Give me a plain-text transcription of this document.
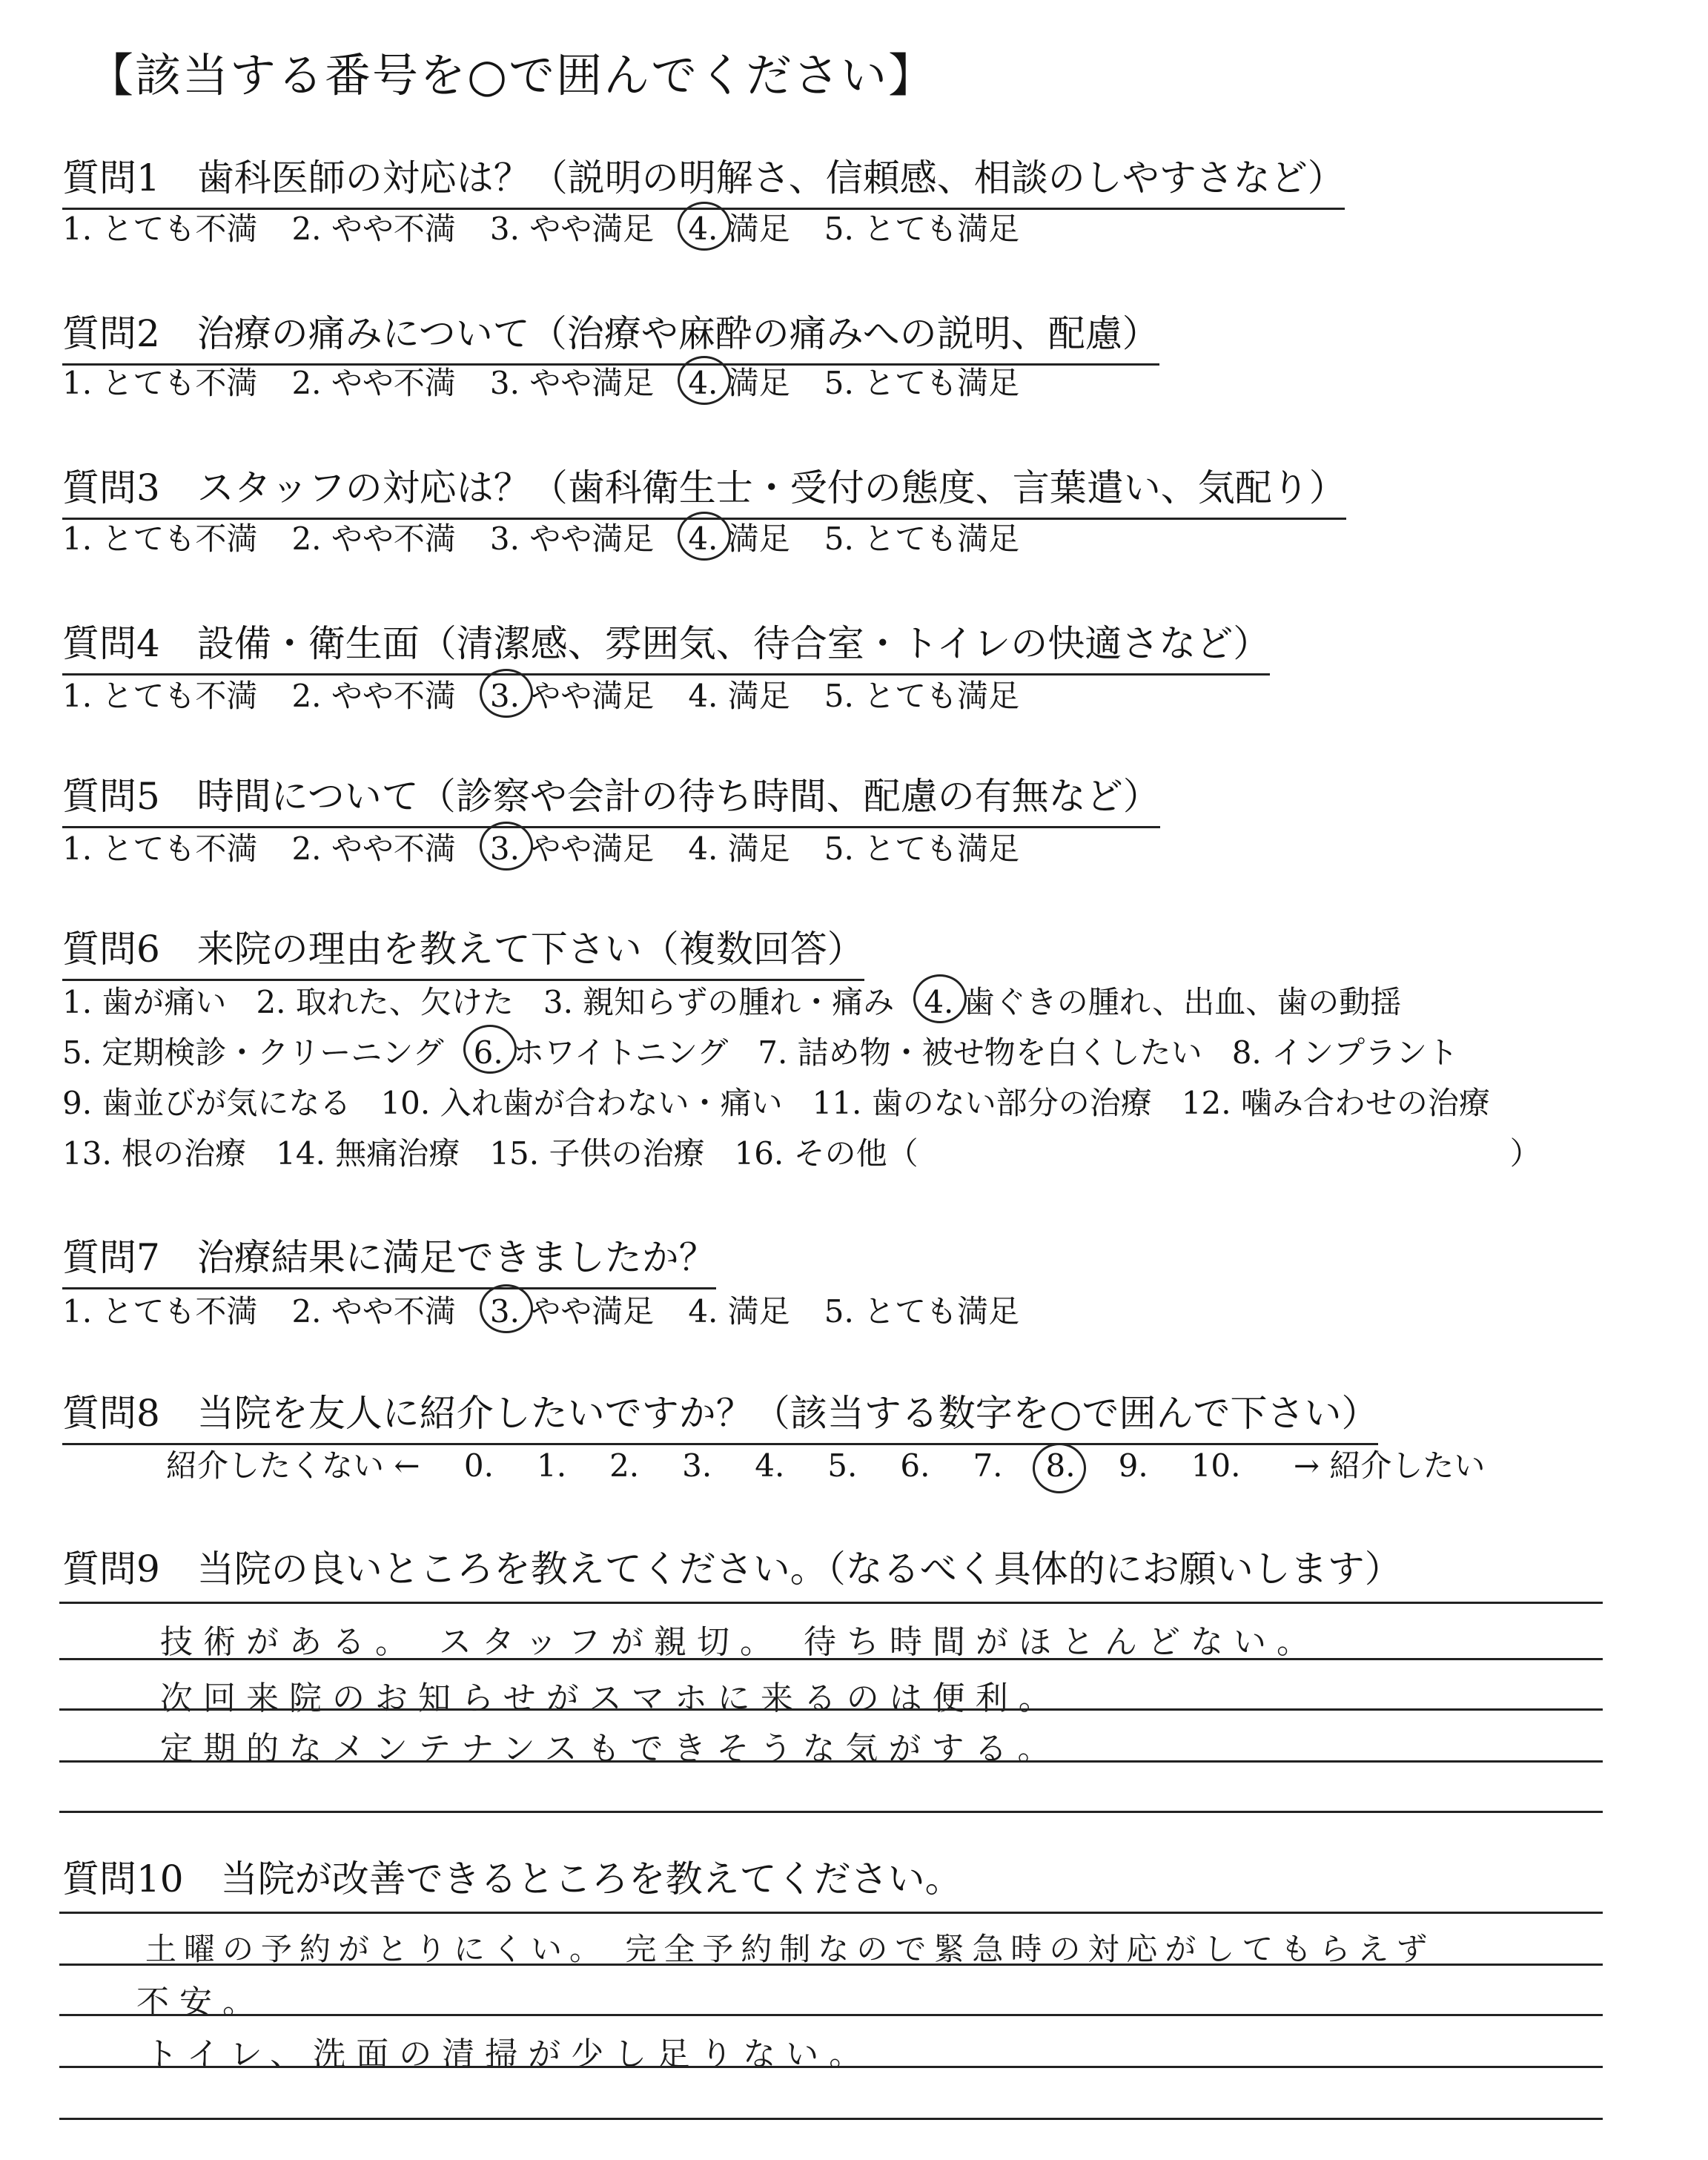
【該当する番号を○で囲んでください】
質問1　歯科医師の対応は？（説明の明解さ、信頼感、相談のしやすさなど）
1. とても不満 2. やや不満 3. やや満足 4. 満足 5. とても満足
質問2　治療の痛みについて（治療や麻酔の痛みへの説明、配慮）
1. とても不満 2. やや不満 3. やや満足 4. 満足 5. とても満足
質問3　スタッフの対応は？（歯科衛生士・受付の態度、言葉遣い、気配り）
1. とても不満 2. やや不満 3. やや満足 4. 満足 5. とても満足
質問4　設備・衛生面（清潔感、雰囲気、待合室・トイレの快適さなど）
1. とても不満 2. やや不満 3. やや満足 4. 満足 5. とても満足
質問5　時間について（診察や会計の待ち時間、配慮の有無など）
1. とても不満 2. やや不満 3. やや満足 4. 満足 5. とても満足
質問6　来院の理由を教えて下さい（複数回答）
1. 歯が痛い 2. 取れた、欠けた 3. 親知らずの腫れ・痛み 4. 歯ぐきの腫れ、出血、歯の動揺
5. 定期検診・クリーニング 6. ホワイトニング 7. 詰め物・被せ物を白くしたい 8. インプラント
9. 歯並びが気になる 10. 入れ歯が合わない・痛い 11. 歯のない部分の治療 12. 噛み合わせの治療
13. 根の治療 14. 無痛治療 15. 子供の治療 16. その他（　　　　　　　　　　　　　　　　　　　）
質問7　治療結果に満足できましたか？
1. とても不満 2. やや不満 3. やや満足 4. 満足 5. とても満足
質問8　当院を友人に紹介したいですか？（該当する数字を○で囲んで下さい）
紹介したくない ← 0. 1. 2. 3. 4. 5. 6. 7. 8. 9. 10. → 紹介したい
質問9　当院の良いところを教えてください。（なるべく具体的にお願いします）
技術がある。 スタッフが親切。 待ち時間がほとんどない。
次回来院のお知らせがスマホに来るのは便利。
定期的なメンテナンスもできそうな気がする。
質問10　当院が改善できるところを教えてください。
土曜の予約がとりにくい。 完全予約制なので緊急時の対応がしてもらえず
不安。
トイレ、洗面の清掃が少し足りない。
